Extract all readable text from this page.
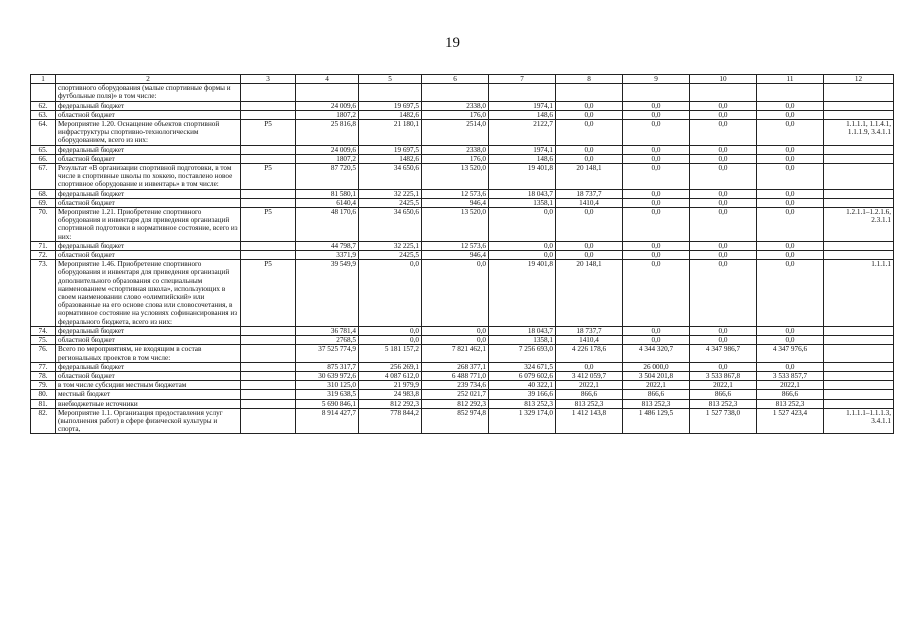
19
1	2	3	4	5	6	7	8	9	10	11	12
	спортивного оборудования (малые спортивные формы и футбольные поля)» в том числе:										
62.	федеральный бюджет		24 009,6	19 697,5	2338,0	1974,1	0,0	0,0	0,0	0,0	
63.	областной бюджет		1807,2	1482,6	176,0	148,6	0,0	0,0	0,0	0,0	
64.	Мероприятие 1.20. Оснащение объектов спортивной инфраструктуры спортивно-технологическим оборудованием, всего из них:	P5	25 816,8	21 180,1	2514,0	2122,7	0,0	0,0	0,0	0,0	1.1.1.1, 1.1.4.1, 1.1.1.9, 3.4.1.1
65.	федеральный бюджет		24 009,6	19 697,5	2338,0	1974,1	0,0	0,0	0,0	0,0	
66.	областной бюджет		1807,2	1482,6	176,0	148,6	0,0	0,0	0,0	0,0	
67.	Результат «В организации спортивной подготовки, в том числе в спортивные школы по хоккею, поставлено новое спортивное оборудование и инвентарь» в том числе:	P5	87 720,5	34 650,6	13 520,0	19 401,8	20 148,1	0,0	0,0	0,0	
68.	федеральный бюджет		81 580,1	32 225,1	12 573,6	18 043,7	18 737,7	0,0	0,0	0,0	
69.	областной бюджет		6140,4	2425,5	946,4	1358,1	1410,4	0,0	0,0	0,0	
70.	Мероприятие 1.21. Приобретение спортивного оборудования и инвентаря для приведения организаций спортивной подготовки в нормативное состояние, всего из них:	P5	48 170,6	34 650,6	13 520,0	0,0	0,0	0,0	0,0	0,0	1.2.1.1–1.2.1.6, 2.3.1.1
71.	федеральный бюджет		44 798,7	32 225,1	12 573,6	0,0	0,0	0,0	0,0	0,0	
72.	областной бюджет		3371,9	2425,5	946,4	0,0	0,0	0,0	0,0	0,0	
73.	Мероприятие 1.46. Приобретение спортивного оборудования и инвентаря для приведения организаций дополнительного образования со специальным наименованием «спортивная школа», использующих в своем наименовании слово «олимпийский» или образованные на его основе слова или словосочетания, в нормативное состояние на условиях софинансирования из федерального бюджета, всего из них:	P5	39 549,9	0,0	0,0	19 401,8	20 148,1	0,0	0,0	0,0	1.1.1.1
74.	федеральный бюджет		36 781,4	0,0	0,0	18 043,7	18 737,7	0,0	0,0	0,0	
75.	областной бюджет		2768,5	0,0	0,0	1358,1	1410,4	0,0	0,0	0,0	
76.	Всего по мероприятиям, не входящим в состав региональных проектов в том числе:		37 525 774,9	5 181 157,2	7 821 462,1	7 256 693,0	4 226 178,6	4 344 320,7	4 347 986,7	4 347 976,6	
77.	федеральный бюджет		875 317,7	256 269,1	268 377,1	324 671,5	0,0	26 000,0	0,0	0,0	
78.	областной бюджет		30 639 972,6	4 087 612,0	6 488 771,0	6 079 602,6	3 412 059,7	3 504 201,8	3 533 867,8	3 533 857,7	
79.	в том числе субсидии местным бюджетам		310 125,0	21 979,9	239 734,6	40 322,1	2022,1	2022,1	2022,1	2022,1	
80.	местный бюджет		319 638,5	24 983,8	252 021,7	39 166,6	866,6	866,6	866,6	866,6	
81.	внебюджетные источники		5 690 846,1	812 292,3	812 292,3	813 252,3	813 252,3	813 252,3	813 252,3	813 252,3	
82.	Мероприятие 1.1. Организация предоставления услуг (выполнения работ) в сфере физической культуры и спорта,		8 914 427,7	778 844,2	852 974,8	1 329 174,0	1 412 143,8	1 486 129,5	1 527 738,0	1 527 423,4	1.1.1.1–1.1.1.3, 3.4.1.1
